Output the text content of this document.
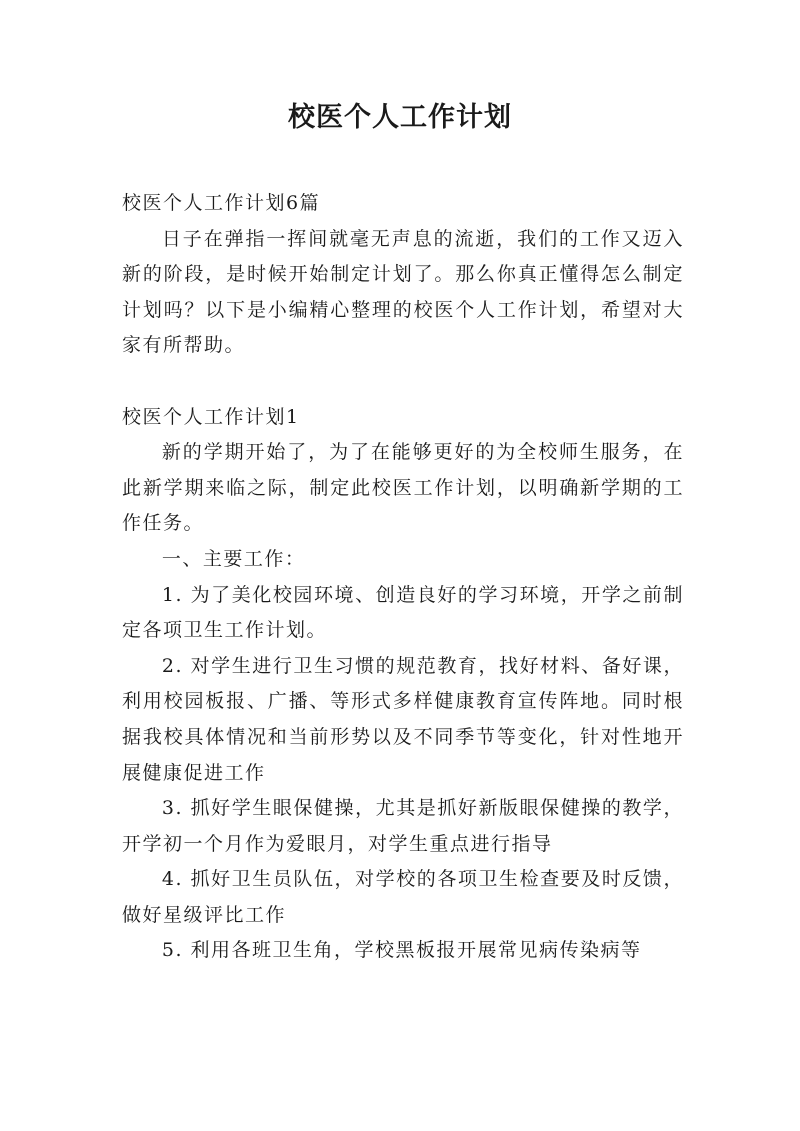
校医个人工作计划

校医个人工作计划6篇

日子在弹指一挥间就毫无声息的流逝，我们的工作又迈入新的阶段，是时候开始制定计划了。那么你真正懂得怎么制定计划吗？以下是小编精心整理的校医个人工作计划，希望对大家有所帮助。

校医个人工作计划1

新的学期开始了，为了在能够更好的为全校师生服务，在此新学期来临之际，制定此校医工作计划，以明确新学期的工作任务。

一、主要工作：

1. 为了美化校园环境、创造良好的学习环境，开学之前制定各项卫生工作计划。

2. 对学生进行卫生习惯的规范教育，找好材料、备好课，利用校园板报、广播、等形式多样健康教育宣传阵地。同时根据我校具体情况和当前形势以及不同季节等变化，针对性地开展健康促进工作

3. 抓好学生眼保健操，尤其是抓好新版眼保健操的教学，开学初一个月作为爱眼月，对学生重点进行指导

4. 抓好卫生员队伍，对学校的各项卫生检查要及时反馈，做好星级评比工作

5. 利用各班卫生角，学校黑板报开展常见病传染病等
